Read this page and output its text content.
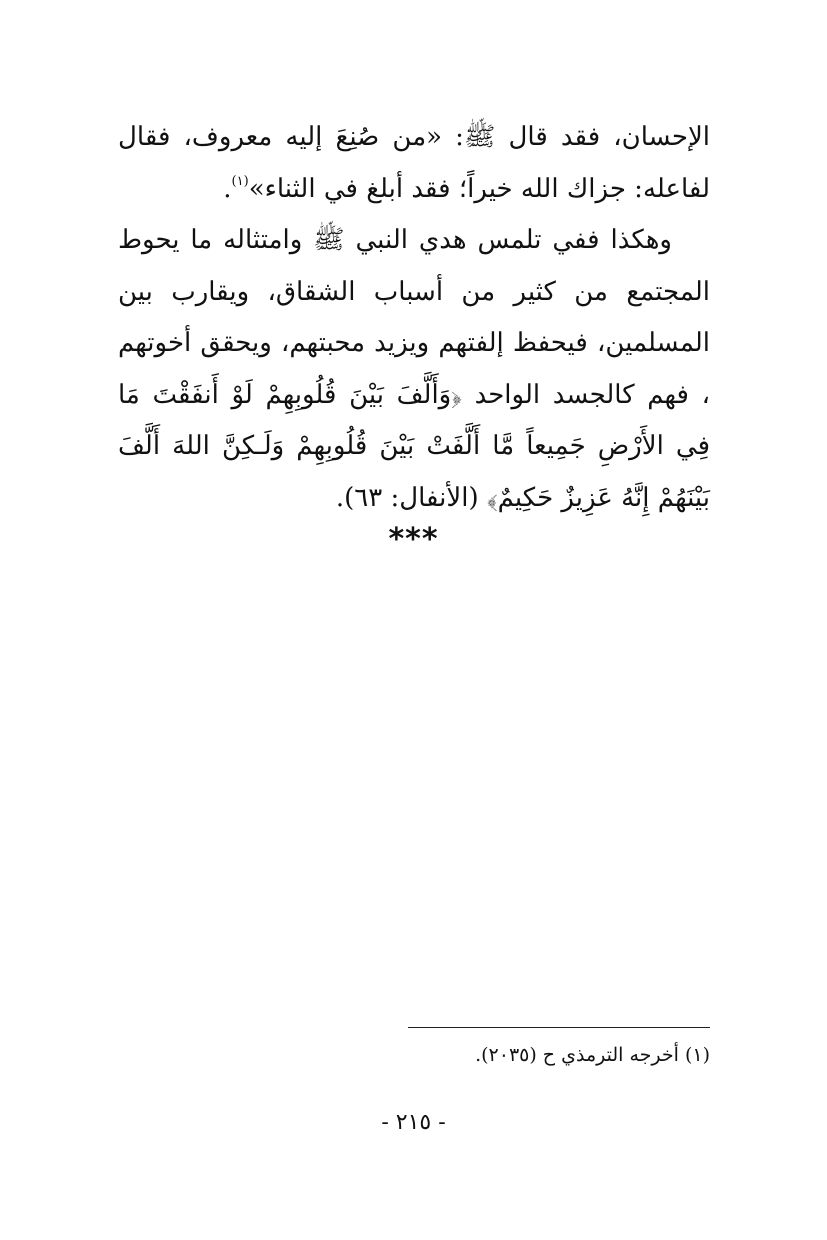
الإحسان، فقد قال ﷺ: «من صُنِعَ إليه معروف، فقال لفاعله: جزاك الله خيراً؛ فقد أبلغ في الثناء»$^{(١)}$.

وهكذا ففي تلمس هدي النبي ﷺ وامتثاله ما يحوط المجتمع من كثير من أسباب الشقاق، ويقارب بين المسلمين، فيحفظ إلفتهم ويزيد محبتهم، ويحقق أخوتهم ، فهم كالجسد الواحد ﴿وَأَلَّفَ بَيْنَ قُلُوبِهِمْ لَوْ أَنفَقْتَ مَا فِي الأَرْضِ جَمِيعاً مَّا أَلَّفَتْ بَيْنَ قُلُوبِهِمْ وَلَـكِنَّ اللهَ أَلَّفَ بَيْنَهُمْ إِنَّهُ عَزِيزٌ حَكِيمٌ﴾ (الأنفال: ٦٣).

***
(١) أخرجه الترمذي ح (٢٠٣٥).
- ٢١٥ -
